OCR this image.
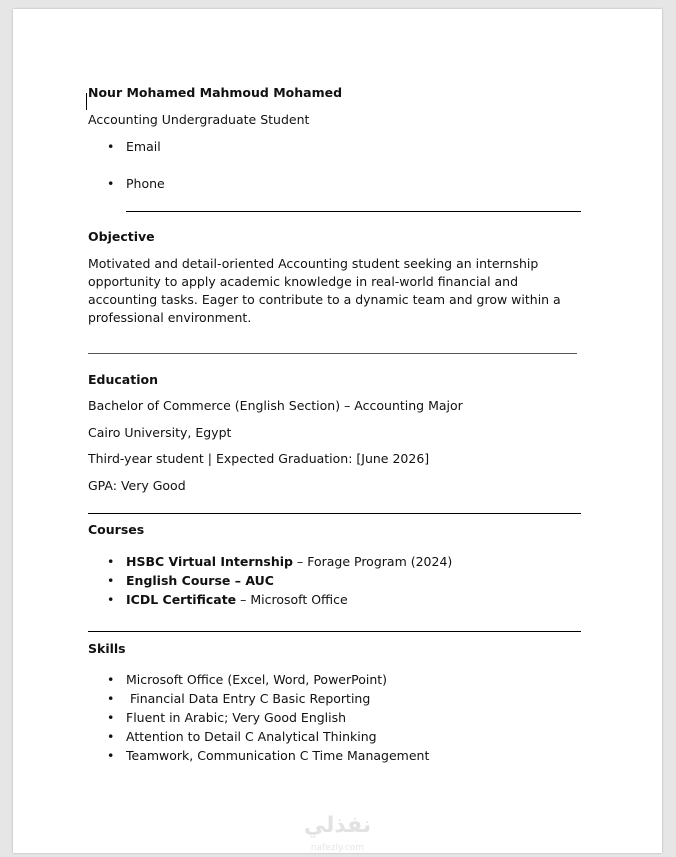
Nour Mohamed Mahmoud Mohamed
Accounting Undergraduate Student
• Email
• Phone
Objective
Motivated and detail-oriented Accounting student seeking an internship opportunity to apply academic knowledge in real-world financial and accounting tasks. Eager to contribute to a dynamic team and grow within a professional environment.
Education
Bachelor of Commerce (English Section) – Accounting Major
Cairo University, Egypt
Third-year student | Expected Graduation: [June 2026]
GPA: Very Good
Courses
• HSBC Virtual Internship – Forage Program (2024)
• English Course – AUC
• ICDL Certificate – Microsoft Office
Skills
• Microsoft Office (Excel, Word, PowerPoint)
• Financial Data Entry C Basic Reporting
• Fluent in Arabic; Very Good English
• Attention to Detail C Analytical Thinking
• Teamwork, Communication C Time Management
نفذلي
nafezly.com
